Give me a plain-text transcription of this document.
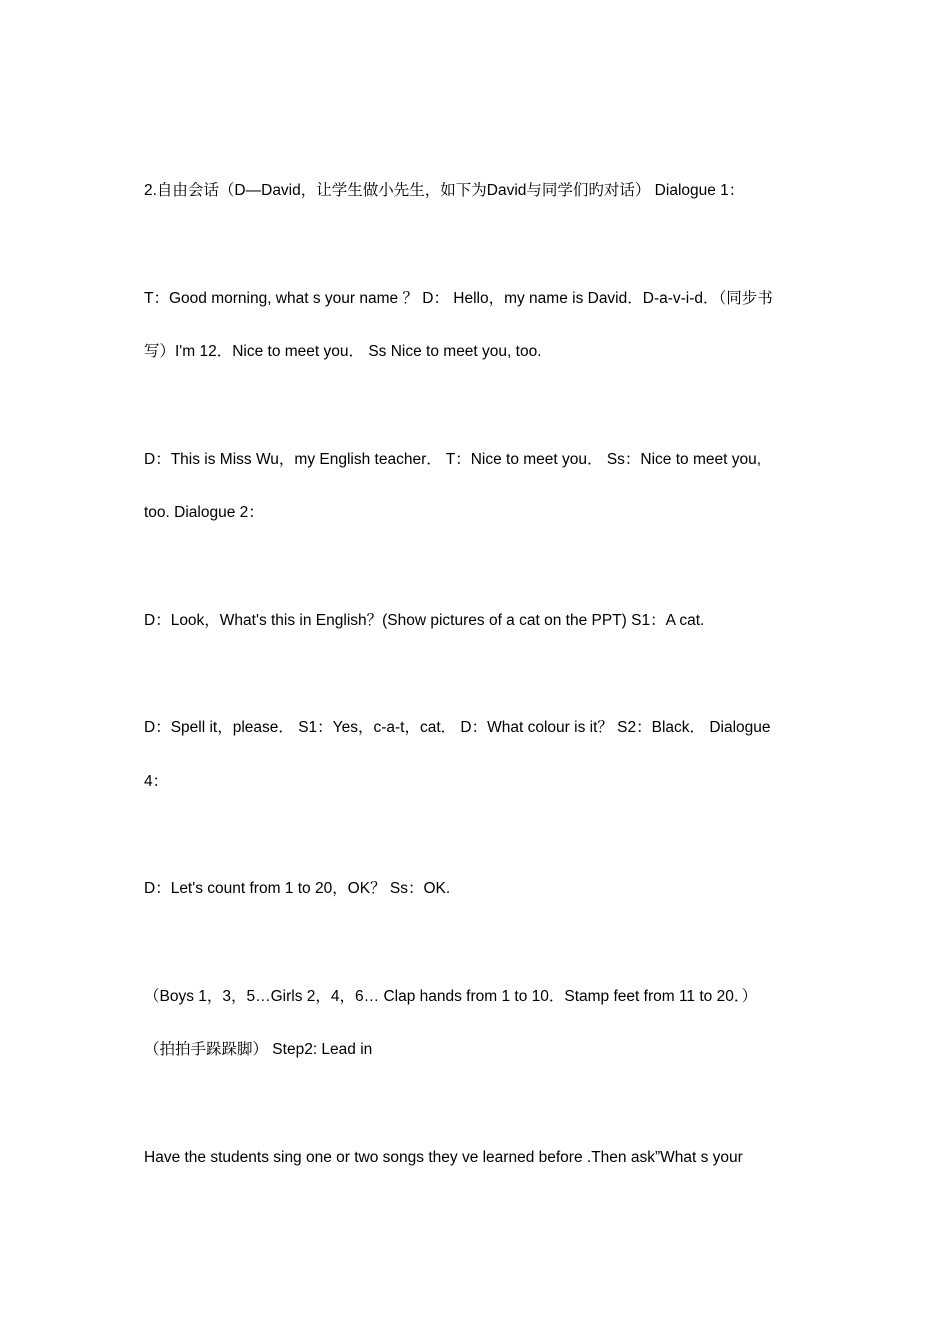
2.自由会话（D—David，让学生做小先生，如下为David与同学们旳对话） Dialogue 1：
T：Good morning, what s your name ？ D： Hello，my name is David．D-a-v-i-d．（同步书
写）I'm 12．Nice to meet you． Ss Nice to meet you, too.
D：This is Miss Wu，my English teacher． T：Nice to meet you． Ss：Nice to meet you,
too. Dialogue 2：
D：Look，What's this in English？(Show pictures of a cat on the PPT) S1：A cat.
D：Spell it，please． S1：Yes，c-a-t，cat． D：What colour is it？ S2：Black． Dialogue
4：
D：Let's count from 1 to 20，OK？ Ss：OK.
（Boys 1，3，5…Girls 2，4，6… Clap hands from 1 to 10．Stamp feet from 11 to 20．）
（拍拍手跺跺脚） Step2: Lead in
Have the students sing one or two songs they ve learned before .Then ask”What s your
